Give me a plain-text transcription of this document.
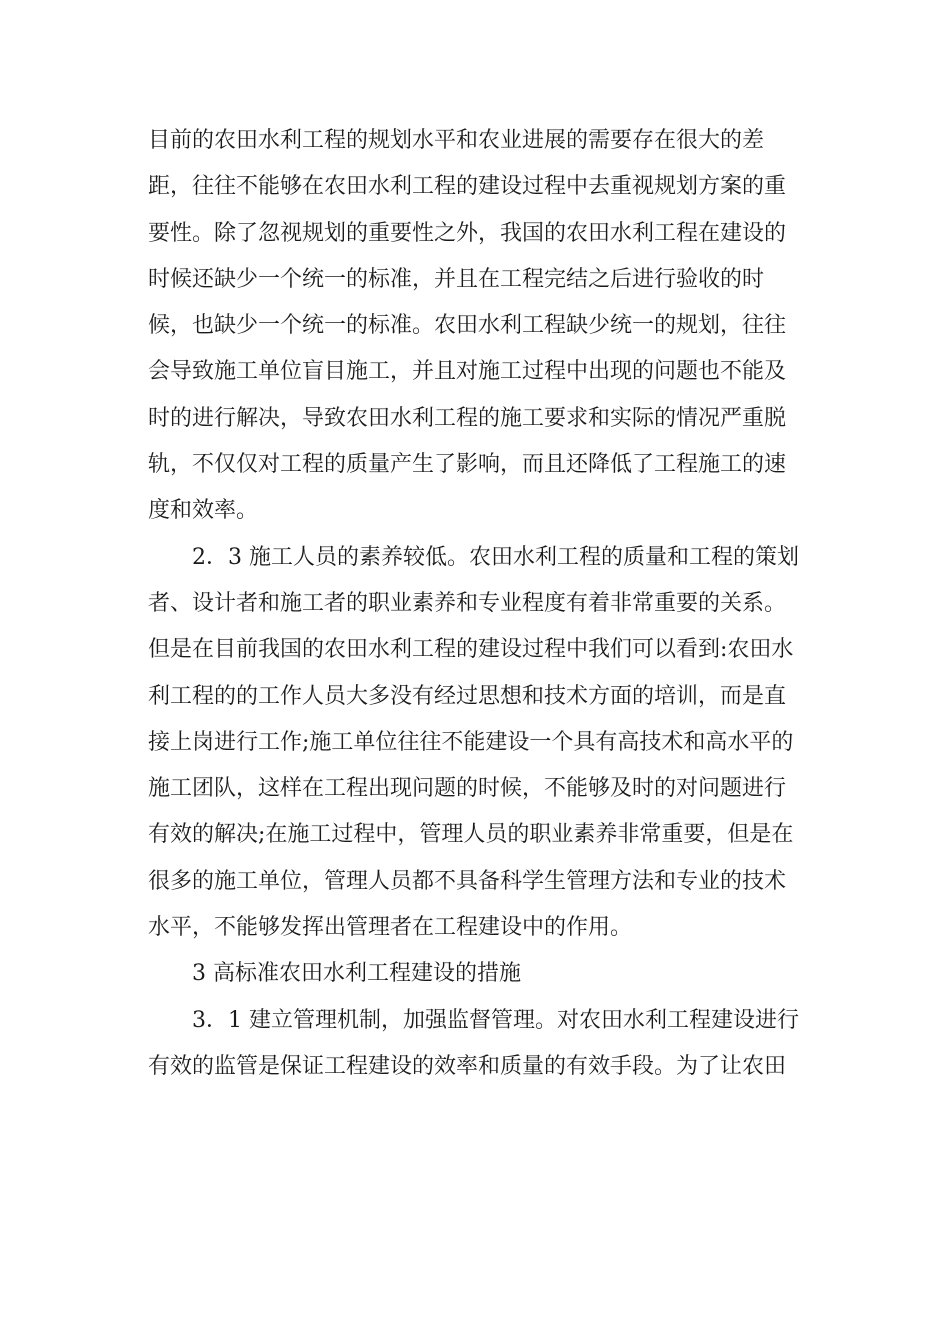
目前的农田水利工程的规划水平和农业进展的需要存在很大的差
距，往往不能够在农田水利工程的建设过程中去重视规划方案的重
要性。除了忽视规划的重要性之外，我国的农田水利工程在建设的
时候还缺少一个统一的标准，并且在工程完结之后进行验收的时
候，也缺少一个统一的标准。农田水利工程缺少统一的规划，往往
会导致施工单位盲目施工，并且对施工过程中出现的问题也不能及
时的进行解决，导致农田水利工程的施工要求和实际的情况严重脱
轨，不仅仅对工程的质量产生了影响，而且还降低了工程施工的速
度和效率。
2．3 施工人员的素养较低。农田水利工程的质量和工程的策划
者、设计者和施工者的职业素养和专业程度有着非常重要的关系。
但是在目前我国的农田水利工程的建设过程中我们可以看到:农田水
利工程的的工作人员大多没有经过思想和技术方面的培训，而是直
接上岗进行工作;施工单位往往不能建设一个具有高技术和高水平的
施工团队，这样在工程出现问题的时候，不能够及时的对问题进行
有效的解决;在施工过程中，管理人员的职业素养非常重要，但是在
很多的施工单位，管理人员都不具备科学生管理方法和专业的技术
水平，不能够发挥出管理者在工程建设中的作用。
3 高标准农田水利工程建设的措施
3．1 建立管理机制，加强监督管理。对农田水利工程建设进行
有效的监管是保证工程建设的效率和质量的有效手段。为了让农田
